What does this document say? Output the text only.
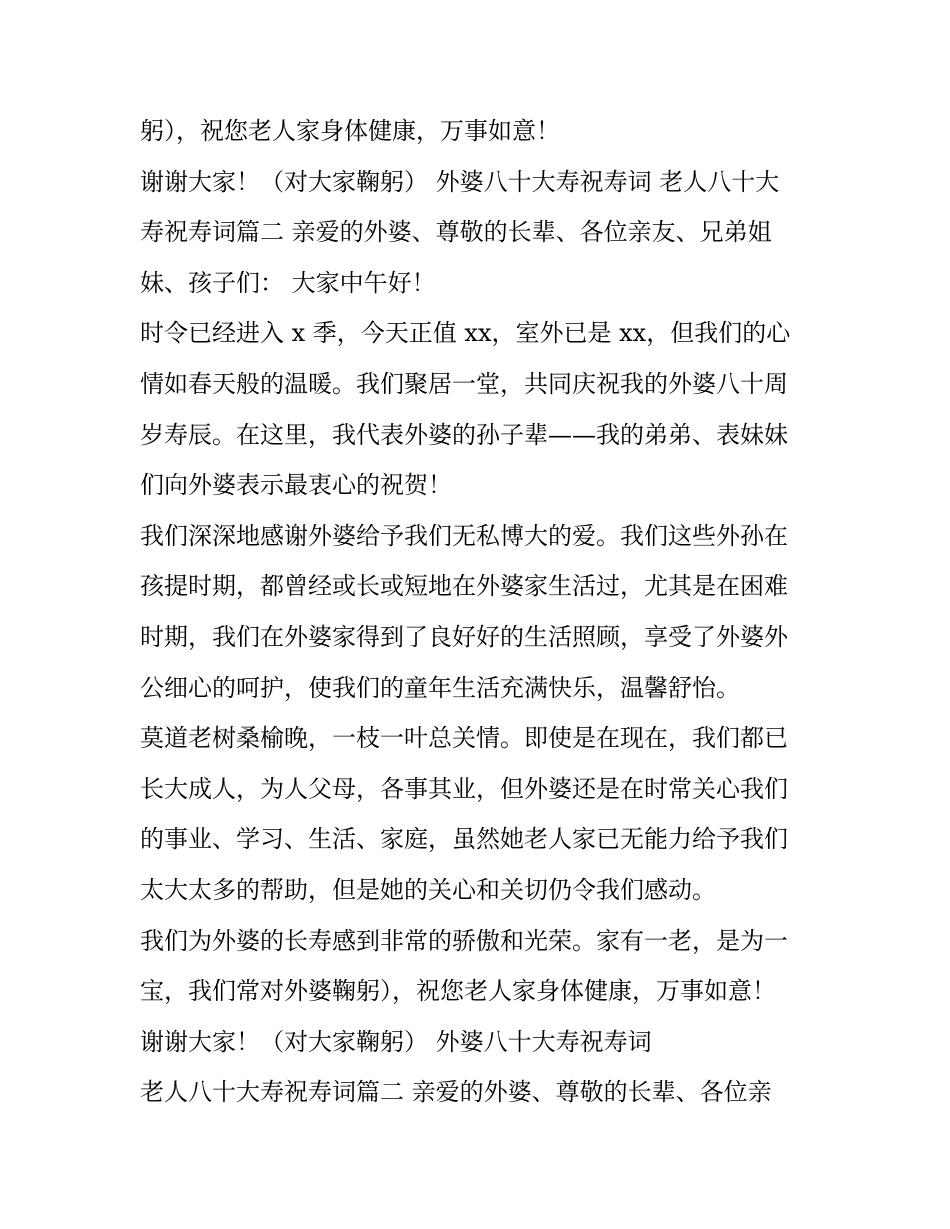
躬），祝您老人家身体健康，万事如意！
谢谢大家！（对大家鞠躬） 外婆八十大寿祝寿词 老人八十大
寿祝寿词篇二 亲爱的外婆、尊敬的长辈、各位亲友、兄弟姐
妹、孩子们： 大家中午好！
时令已经进入 x 季，今天正值 xx，室外已是 xx，但我们的心
情如春天般的温暖。我们聚居一堂，共同庆祝我的外婆八十周
岁寿辰。在这里，我代表外婆的孙子辈——我的弟弟、表妹妹
们向外婆表示最衷心的祝贺！
我们深深地感谢外婆给予我们无私博大的爱。我们这些外孙在
孩提时期，都曾经或长或短地在外婆家生活过，尤其是在困难
时期，我们在外婆家得到了良好好的生活照顾，享受了外婆外
公细心的呵护，使我们的童年生活充满快乐，温馨舒怡。
莫道老树桑榆晚，一枝一叶总关情。即使是在现在，我们都已
长大成人，为人父母，各事其业，但外婆还是在时常关心我们
的事业、学习、生活、家庭，虽然她老人家已无能力给予我们
太大太多的帮助，但是她的关心和关切仍令我们感动。
我们为外婆的长寿感到非常的骄傲和光荣。家有一老，是为一
宝，我们常对外婆鞠躬），祝您老人家身体健康，万事如意！
谢谢大家！（对大家鞠躬） 外婆八十大寿祝寿词
老人八十大寿祝寿词篇二 亲爱的外婆、尊敬的长辈、各位亲
